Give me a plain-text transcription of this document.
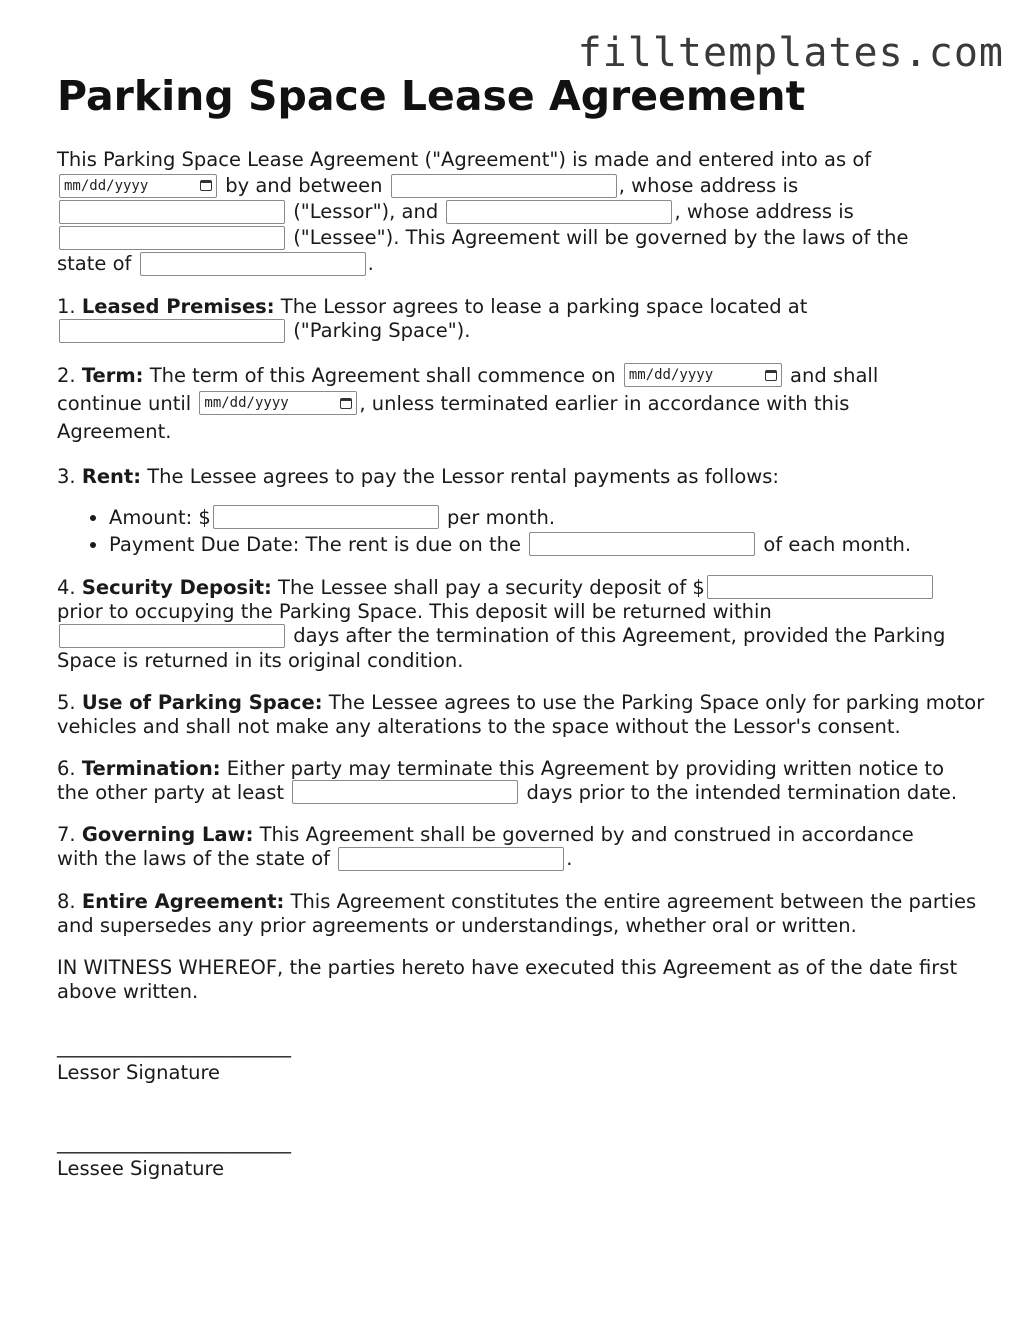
filltemplates.com
Parking Space Lease Agreement

This Parking Space Lease Agreement ("Agreement") is made and entered into as of

mm/dd/yyyy	by and between	, whose address is
("Lessor"), and	, whose address is
("Lessee"). This Agreement will be governed by the laws of the
state of	.

1. Leased Premises: The Lessor agrees to lease a parking space located at
("Parking Space").

2. Term: The term of this Agreement shall commence on mm/dd/yyyy	and shall
continue until mm/dd/yyyy	, unless terminated earlier in accordance with this
Agreement.

3. Rent: The Lessee agrees to pay the Lessor rental payments as follows:

• Amount: $	per month.
• Payment Due Date: The rent is due on the	of each month.

4. Security Deposit: The Lessee shall pay a security deposit of $
prior to occupying the Parking Space. This deposit will be returned within
days after the termination of this Agreement, provided the Parking
Space is returned in its original condition.

5. Use of Parking Space: The Lessee agrees to use the Parking Space only for parking motor vehicles and shall not make any alterations to the space without the Lessor's consent.

6. Termination: Either party may terminate this Agreement by providing written notice to
the other party at least	days prior to the intended termination date.

7. Governing Law: This Agreement shall be governed by and construed in accordance
with the laws of the state of	.

8. Entire Agreement: This Agreement constitutes the entire agreement between the parties and supersedes any prior agreements or understandings, whether oral or written.

IN WITNESS WHEREOF, the parties hereto have executed this Agreement as of the date first above written.

________________________

Lessor Signature

________________________

Lessee Signature
